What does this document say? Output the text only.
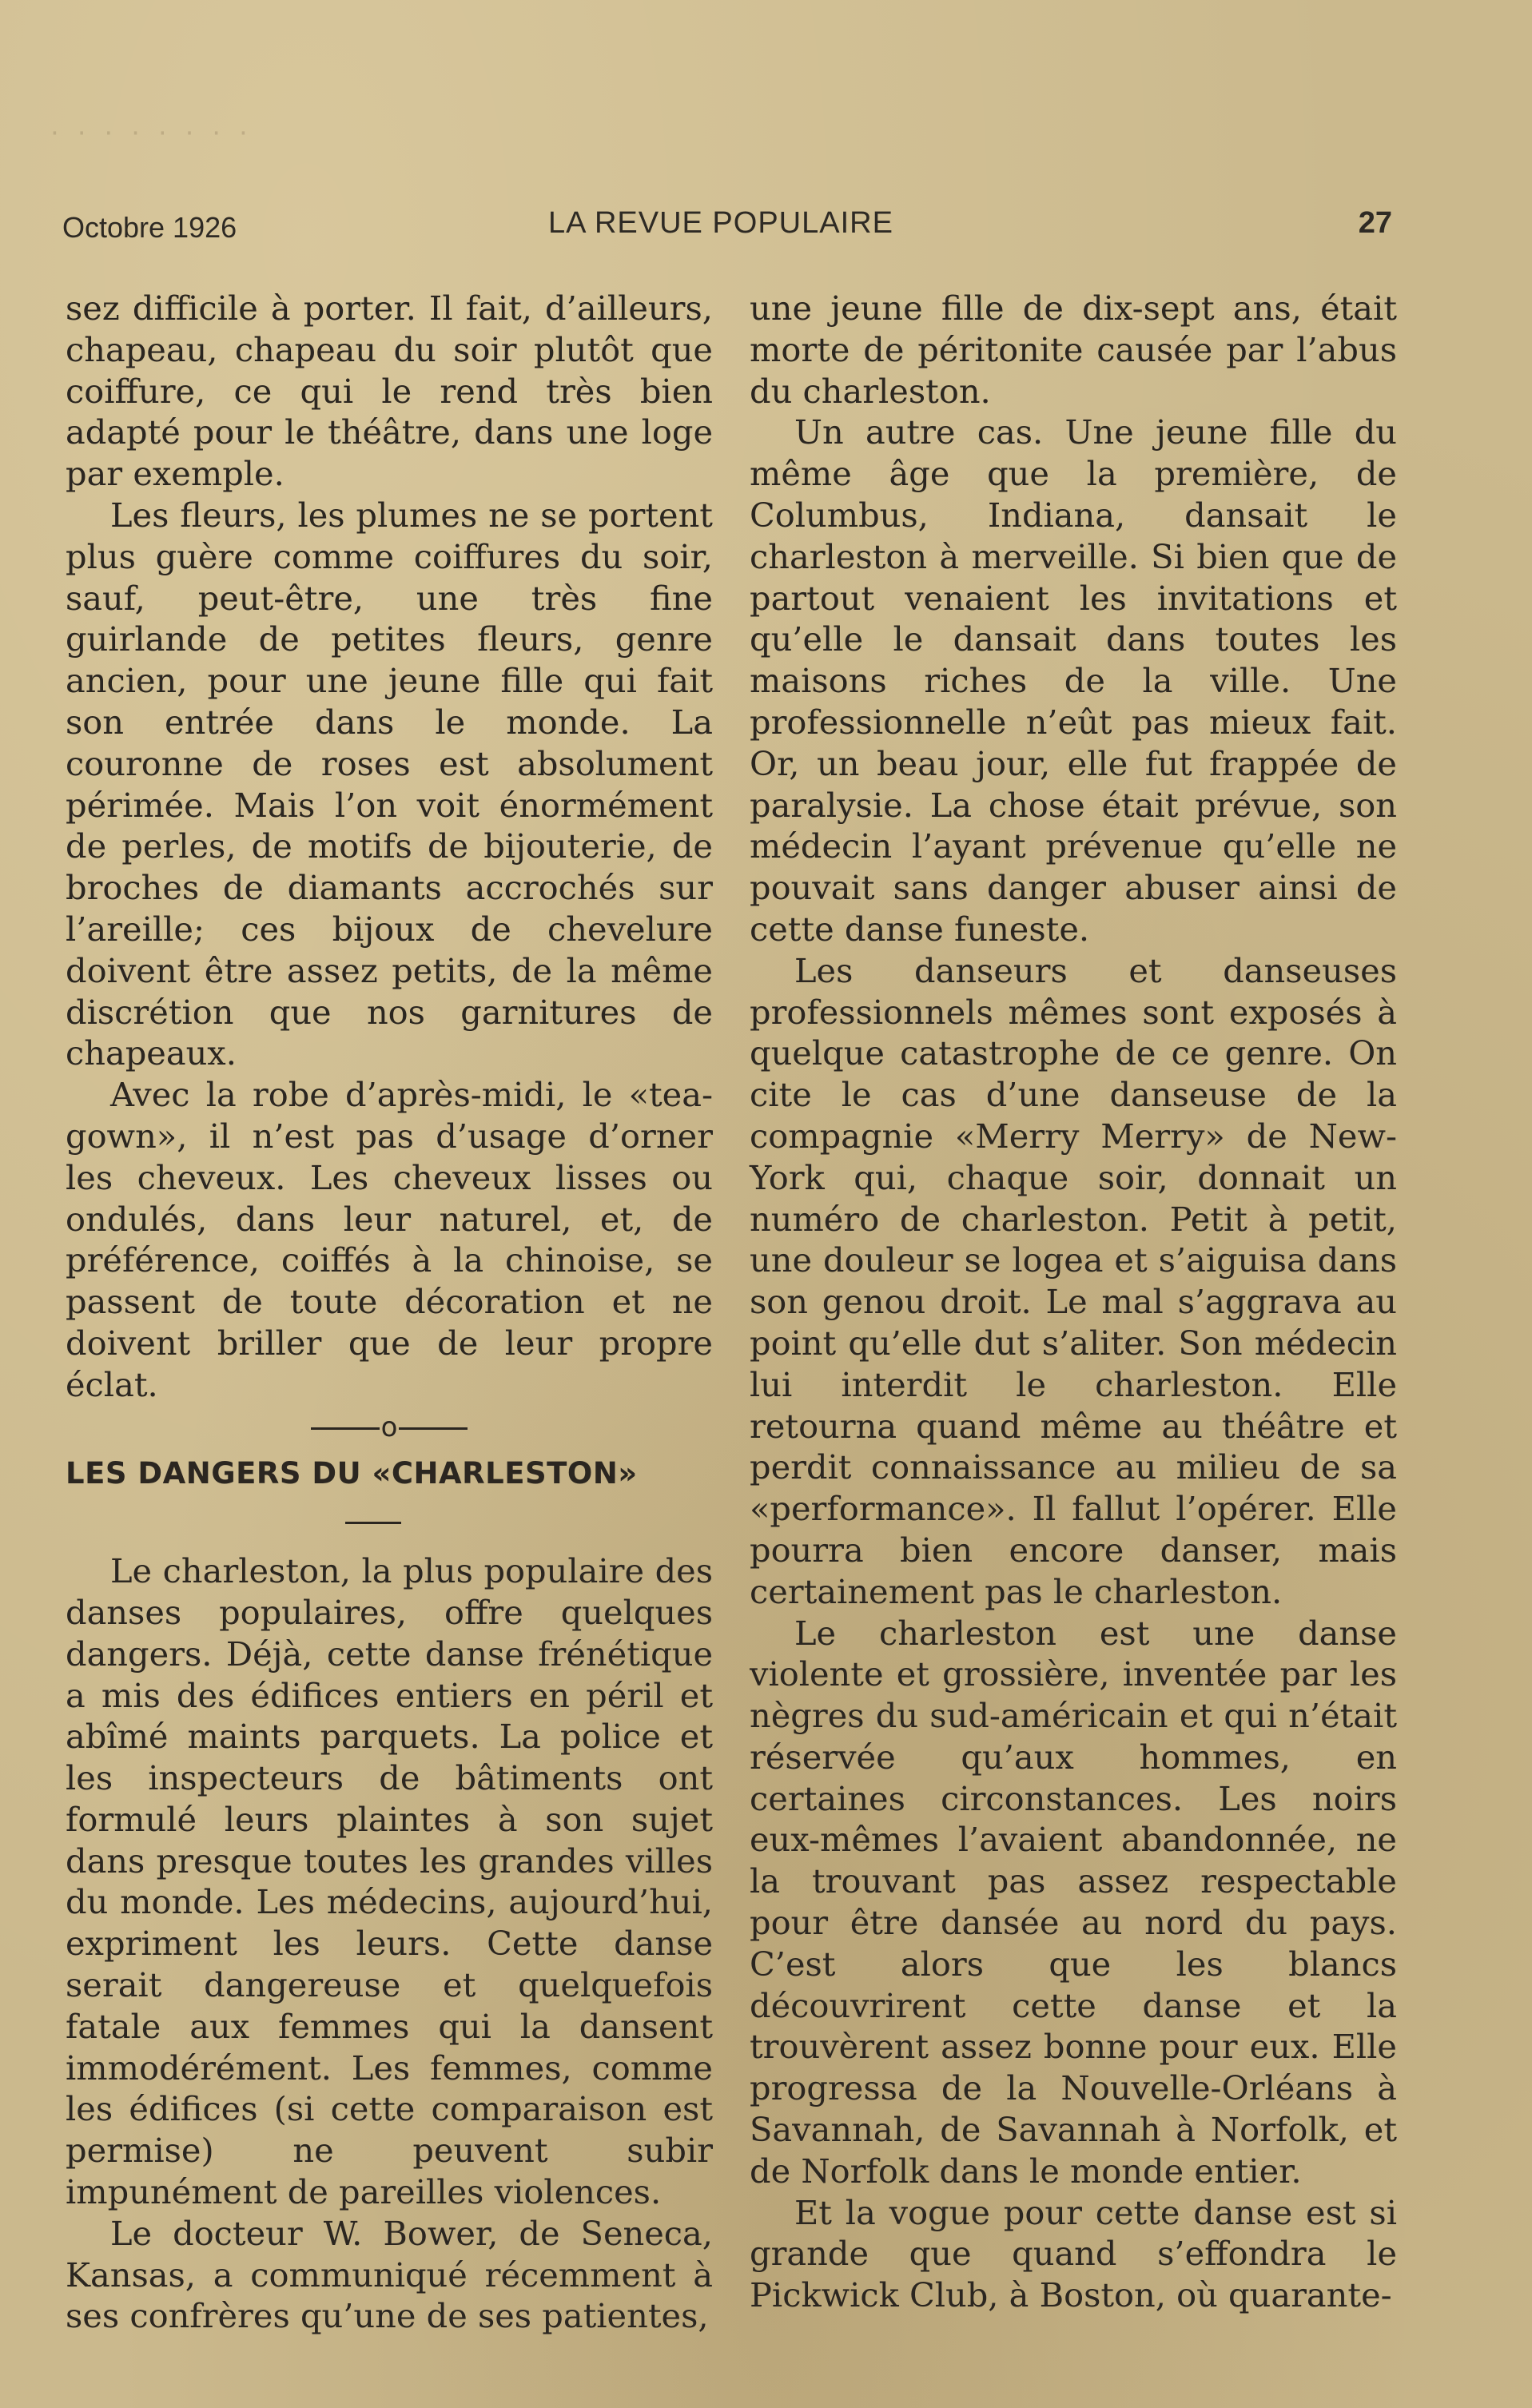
· · · · · · · ·
Octobre 1926	LA REVUE POPULAIRE	27

sez difficile à porter. Il fait, d’ailleurs, chapeau, chapeau du soir plutôt que coiffure, ce qui le rend très bien adapté pour le théâtre, dans une loge par exemple.

Les fleurs, les plumes ne se portent plus guère comme coiffures du soir, sauf, peut-être, une très fine guirlande de petites fleurs, genre ancien, pour une jeune fille qui fait son entrée dans le monde. La couronne de roses est absolument périmée. Mais l’on voit énormément de perles, de motifs de bijouterie, de broches de diamants accrochés sur l’areille; ces bijoux de chevelure doivent être assez petits, de la même discrétion que nos garnitures de chapeaux.

Avec la robe d’après-midi, le «tea-gown», il n’est pas d’usage d’orner les cheveux. Les cheveux lisses ou ondulés, dans leur naturel, et, de préférence, coiffés à la chinoise, se passent de toute décoration et ne doivent briller que de leur propre éclat.

o
LES DANGERS DU «CHARLESTON»

Le charleston, la plus populaire des danses populaires, offre quelques dangers. Déjà, cette danse frénétique a mis des édifices entiers en péril et abîmé maints parquets. La police et les inspecteurs de bâtiments ont formulé leurs plaintes à son sujet dans presque toutes les grandes villes du monde. Les médecins, aujourd’hui, expriment les leurs. Cette danse serait dangereuse et quelquefois fatale aux femmes qui la dansent immodérément. Les femmes, comme les édifices (si cette comparaison est permise) ne peuvent subir impunément de pareilles violences.

Le docteur W. Bower, de Seneca, Kansas, a communiqué récemment à ses confrères qu’une de ses patientes,

une jeune fille de dix-sept ans, était morte de péritonite causée par l’abus du charleston.

Un autre cas. Une jeune fille du même âge que la première, de Columbus, Indiana, dansait le charleston à merveille. Si bien que de partout venaient les invitations et qu’elle le dansait dans toutes les maisons riches de la ville. Une professionnelle n’eût pas mieux fait. Or, un beau jour, elle fut frappée de paralysie. La chose était prévue, son médecin l’ayant prévenue qu’elle ne pouvait sans danger abuser ainsi de cette danse funeste.

Les danseurs et danseuses professionnels mêmes sont exposés à quelque catastrophe de ce genre. On cite le cas d’une danseuse de la compagnie «Merry Merry» de New-York qui, chaque soir, donnait un numéro de charleston. Petit à petit, une douleur se logea et s’aiguisa dans son genou droit. Le mal s’aggrava au point qu’elle dut s’aliter. Son médecin lui interdit le charleston. Elle retourna quand même au théâtre et perdit connaissance au milieu de sa «performance». Il fallut l’opérer. Elle pourra bien encore danser, mais certainement pas le charleston.

Le charleston est une danse violente et grossière, inventée par les nègres du sud-américain et qui n’était réservée qu’aux hommes, en certaines circonstances. Les noirs eux-mêmes l’avaient abandonnée, ne la trouvant pas assez respectable pour être dansée au nord du pays. C’est alors que les blancs découvrirent cette danse et la trouvèrent assez bonne pour eux. Elle progressa de la Nouvelle-Orléans à Savannah, de Savannah à Norfolk, et de Norfolk dans le monde entier.

Et la vogue pour cette danse est si grande que quand s’effondra le Pickwick Club, à Boston, où quarante-
